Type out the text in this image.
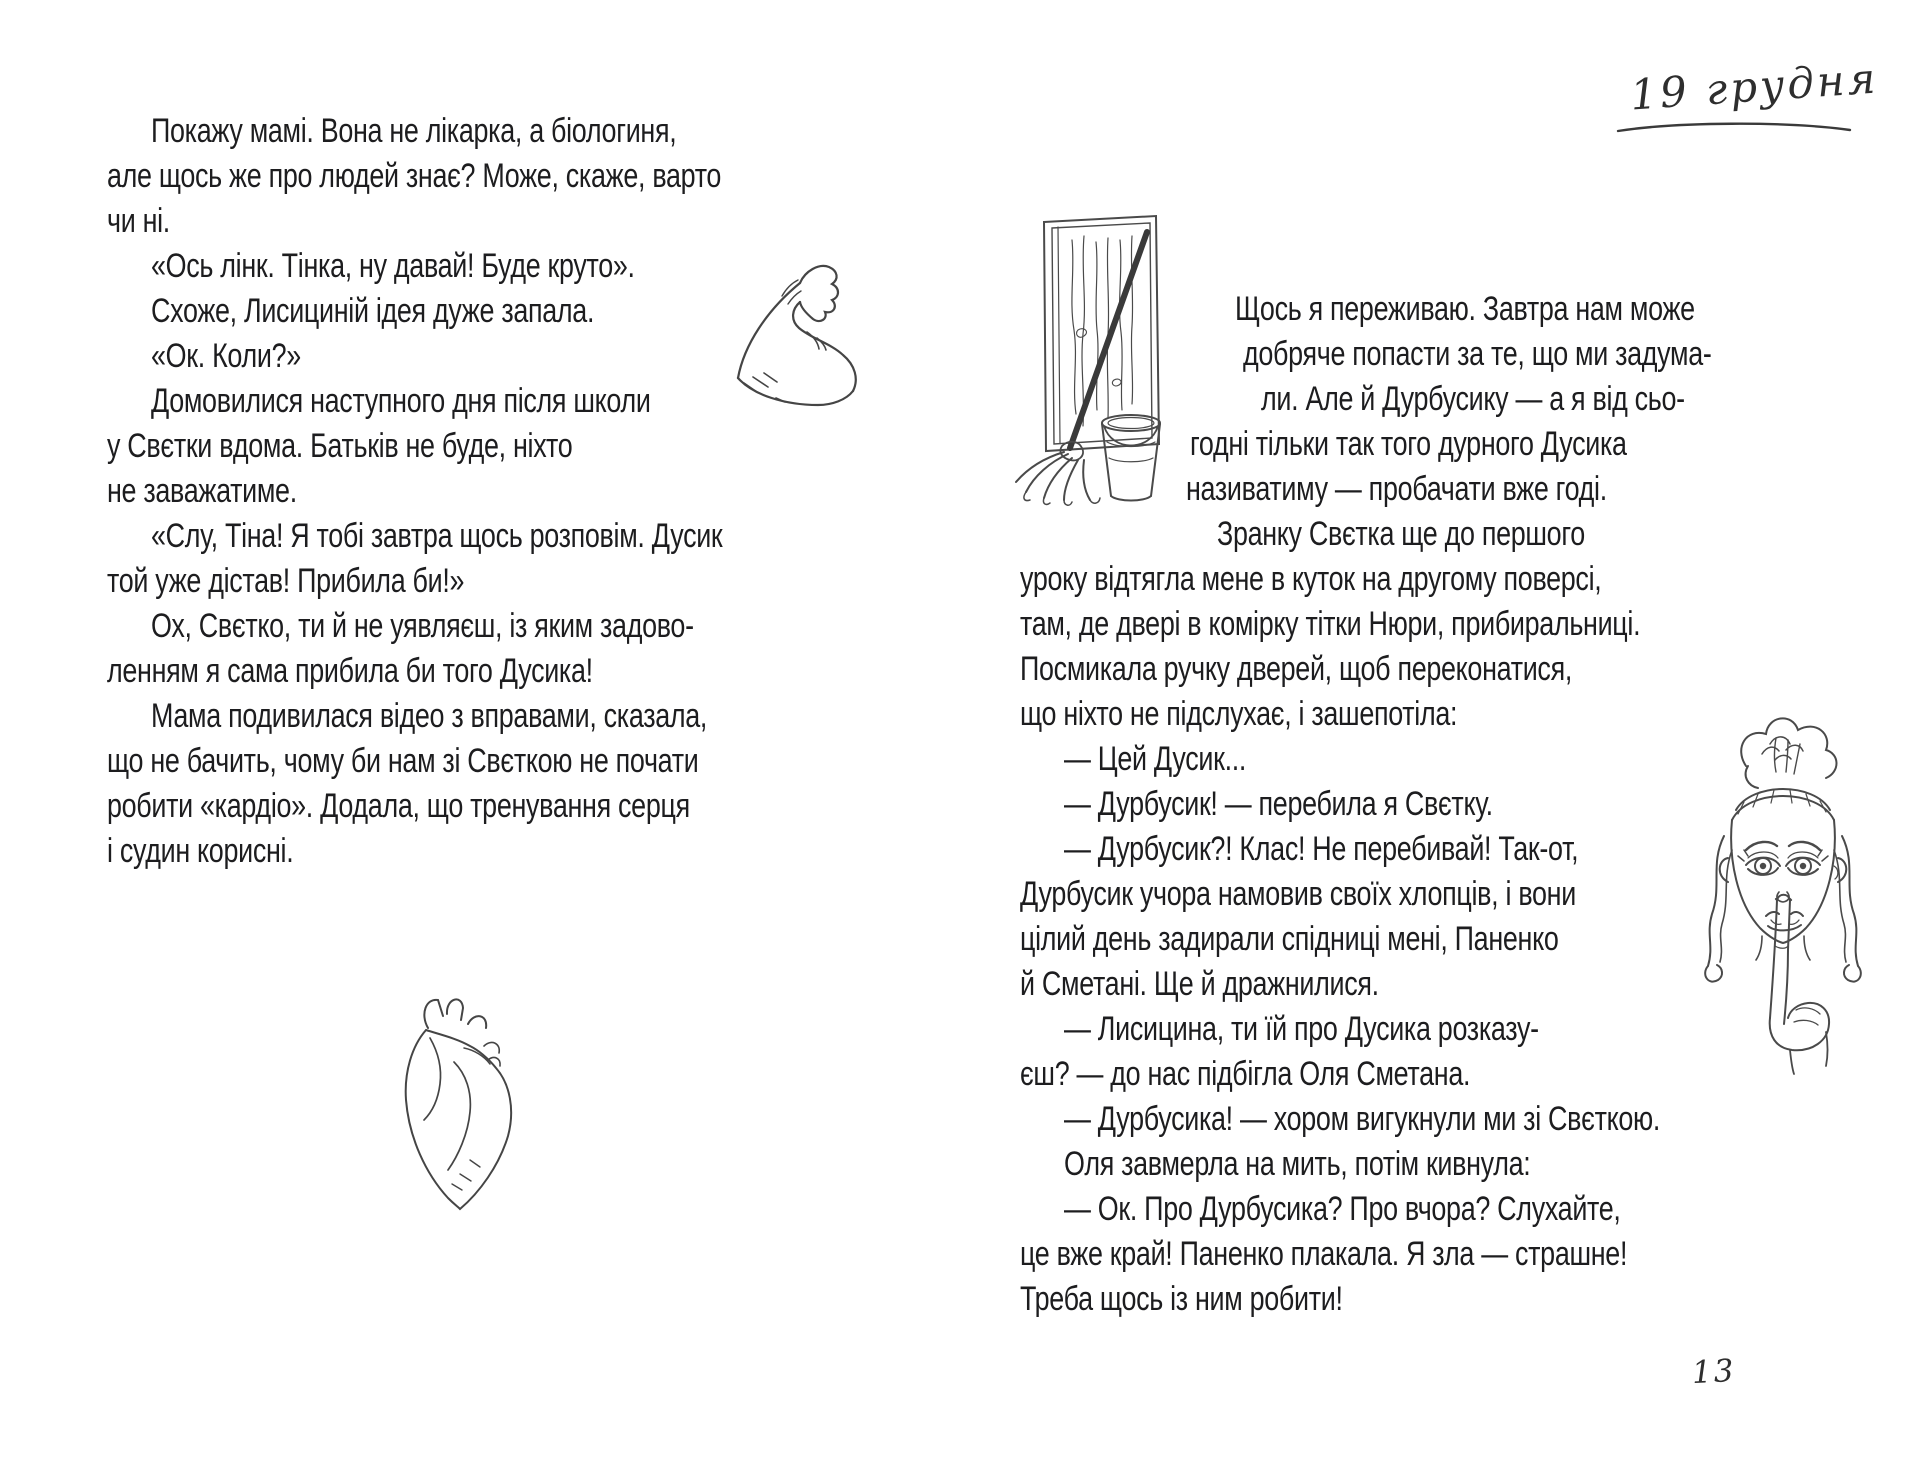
19 грудня
Покажу мамі. Вона не лікарка, а біологиня,
але щось же про людей знає? Може, скаже, варто
чи ні.
«Ось лінк. Тінка, ну давай! Буде круто».
Схоже, Лисициній ідея дуже запала.
«Ок. Коли?»
Домовилися наступного дня після школи
у Свєтки вдома. Батьків не буде, ніхто
не заважатиме.
«Слу, Тіна! Я тобі завтра щось розповім. Дусик
той уже дістав! Прибила би!»
Ох, Свєтко, ти й не уявляєш, із яким задово-
ленням я сама прибила би того Дусика!
Мама подивилася відео з вправами, сказала,
що не бачить, чому би нам зі Свєткою не почати
робити «кардіо». Додала, що тренування серця
і судин корисні.
Щось я переживаю. Завтра нам може
добряче попасти за те, що ми задума-
ли. Але й Дурбусику — а я від сьо-
годні тільки так того дурного Дусика
називатиму — пробачати вже годі.
Зранку Свєтка ще до першого
уроку відтягла мене в куток на другому поверсі,
там, де двері в комірку тітки Нюри, прибиральниці.
Посмикала ручку дверей, щоб переконатися,
що ніхто не підслухає, і зашепотіла:
— Цей Дусик...
— Дурбусик! — перебила я Свєтку.
— Дурбусик?! Клас! Не перебивай! Так-от,
Дурбусик учора намовив своїх хлопців, і вони
цілий день задирали спідниці мені, Паненко
й Сметані. Ще й дражнилися.
— Лисицина, ти їй про Дусика розказу-
єш? — до нас підбігла Оля Сметана.
— Дурбусика! — хором вигукнули ми зі Свєткою.
Оля завмерла на мить, потім кивнула:
— Ок. Про Дурбусика? Про вчора? Слухайте,
це вже край! Паненко плакала. Я зла — страшне!
Треба щось із ним робити!
13
